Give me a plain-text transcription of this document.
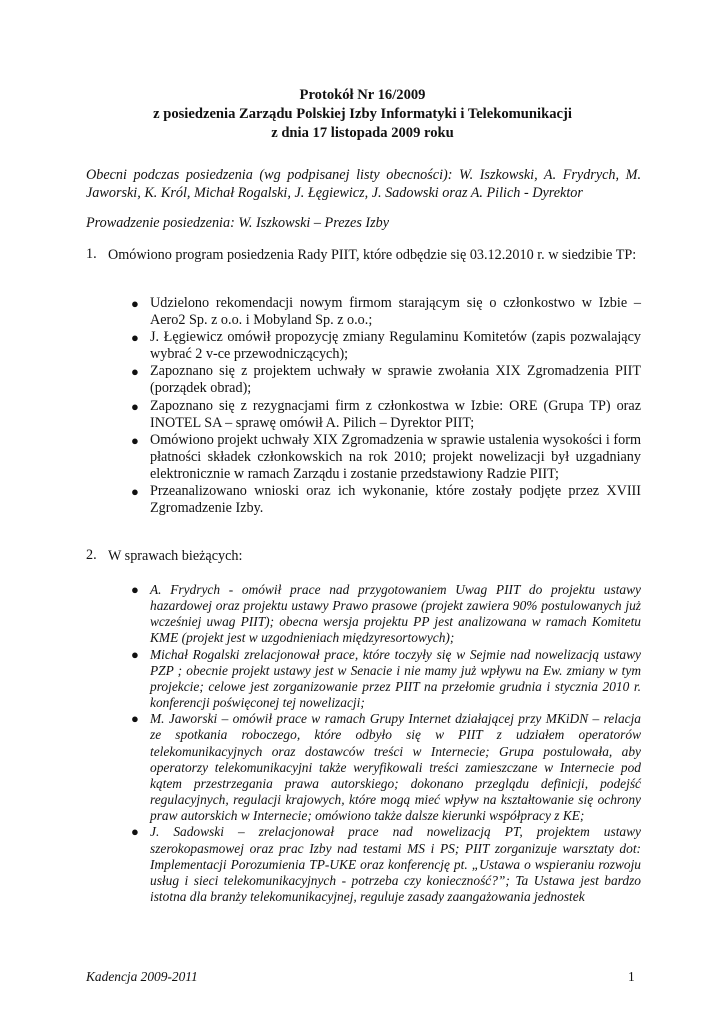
Protokół Nr 16/2009
z posiedzenia Zarządu Polskiej Izby Informatyki i Telekomunikacji
z dnia 17 listopada 2009 roku
Obecni podczas posiedzenia (wg podpisanej listy obecności): W. Iszkowski, A. Frydrych, M. Jaworski, K. Król, Michał Rogalski, J. Łęgiewicz, J. Sadowski oraz A. Pilich - Dyrektor
Prowadzenie posiedzenia: W. Iszkowski – Prezes Izby
1. Omówiono program posiedzenia Rady PIIT, które odbędzie się 03.12.2010 r. w siedzibie TP:
● Udzielono rekomendacji nowym firmom starającym się o członkostwo w Izbie – Aero2 Sp. z o.o. i Mobyland Sp. z o.o.;
● J. Łęgiewicz omówił propozycję zmiany Regulaminu Komitetów (zapis pozwalający wybrać 2 v-ce przewodniczących);
● Zapoznano się z projektem uchwały w sprawie zwołania XIX Zgromadzenia PIIT (porządek obrad);
● Zapoznano się z rezygnacjami firm z członkostwa w Izbie: ORE (Grupa TP) oraz INOTEL SA – sprawę omówił A. Pilich – Dyrektor PIIT;
● Omówiono projekt uchwały XIX Zgromadzenia w sprawie ustalenia wysokości i form płatności składek członkowskich na rok 2010; projekt nowelizacji był uzgadniany elektronicznie w ramach Zarządu i zostanie przedstawiony Radzie PIIT;
● Przeanalizowano wnioski oraz ich wykonanie, które zostały podjęte przez XVIII Zgromadzenie Izby.
2. W sprawach bieżących:
● A. Frydrych - omówił prace nad przygotowaniem Uwag PIIT do projektu ustawy hazardowej oraz projektu ustawy Prawo prasowe (projekt zawiera 90% postulowanych już wcześniej uwag PIIT); obecna wersja projektu PP jest analizowana w ramach Komitetu KME (projekt jest w uzgodnieniach międzyresortowych);
● Michał Rogalski zrelacjonował prace, które toczyły się w Sejmie nad nowelizacją ustawy PZP ; obecnie projekt ustawy jest w Senacie i nie mamy już wpływu na Ew. zmiany w tym projekcie; celowe jest zorganizowanie przez PIIT na przełomie grudnia i stycznia 2010 r. konferencji poświęconej tej nowelizacji;
● M. Jaworski – omówił prace w ramach Grupy Internet działającej przy MKiDN – relacja ze spotkania roboczego, które odbyło się w PIIT z udziałem operatorów telekomunikacyjnych oraz dostawców treści w Internecie; Grupa postulowała, aby operatorzy telekomunikacyjni także weryfikowali treści zamieszczane w Internecie pod kątem przestrzegania prawa autorskiego; dokonano przeglądu definicji, podejść regulacyjnych, regulacji krajowych, które mogą mieć wpływ na kształtowanie się ochrony praw autorskich w Internecie; omówiono także dalsze kierunki współpracy z KE;
● J. Sadowski – zrelacjonował prace nad nowelizacją PT, projektem ustawy szerokopasmowej oraz prac Izby nad testami MS i PS; PIIT zorganizuje warsztaty dot: Implementacji Porozumienia TP-UKE oraz konferencję pt. „Ustawa o wspieraniu rozwoju usług i sieci telekomunikacyjnych - potrzeba czy konieczność?”; Ta Ustawa jest bardzo istotna dla branży telekomunikacyjnej, reguluje zasady zaangażowania jednostek
Kadencja 2009-2011	1
